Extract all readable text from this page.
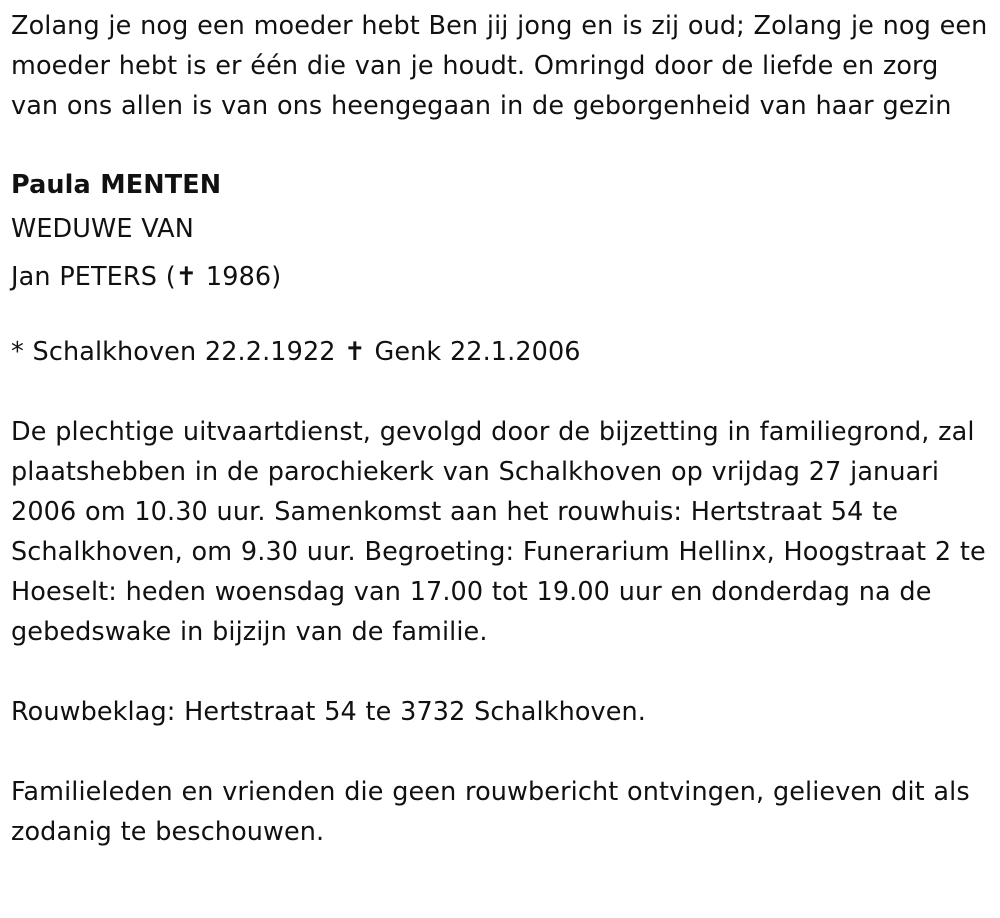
Zolang je nog een moeder hebt Ben jij jong en is zij oud; Zolang je nog een moeder hebt is er één die van je houdt. Omringd door de liefde en zorg van ons allen is van ons heengegaan in de geborgenheid van haar gezin

Paula MENTEN

WEDUWE VAN

Jan PETERS (✝ 1986)

* Schalkhoven 22.2.1922 ✝ Genk 22.1.2006

De plechtige uitvaartdienst, gevolgd door de bijzetting in familiegrond, zal plaatshebben in de parochiekerk van Schalkhoven op vrijdag 27 januari 2006 om 10.30 uur. Samenkomst aan het rouwhuis: Hertstraat 54 te Schalkhoven, om 9.30 uur. Begroeting: Funerarium Hellinx, Hoogstraat 2 te Hoeselt: heden woensdag van 17.00 tot 19.00 uur en donderdag na de gebedswake in bijzijn van de familie.

Rouwbeklag: Hertstraat 54 te 3732 Schalkhoven.

Familieleden en vrienden die geen rouwbericht ontvingen, gelieven dit als zodanig te beschouwen.
